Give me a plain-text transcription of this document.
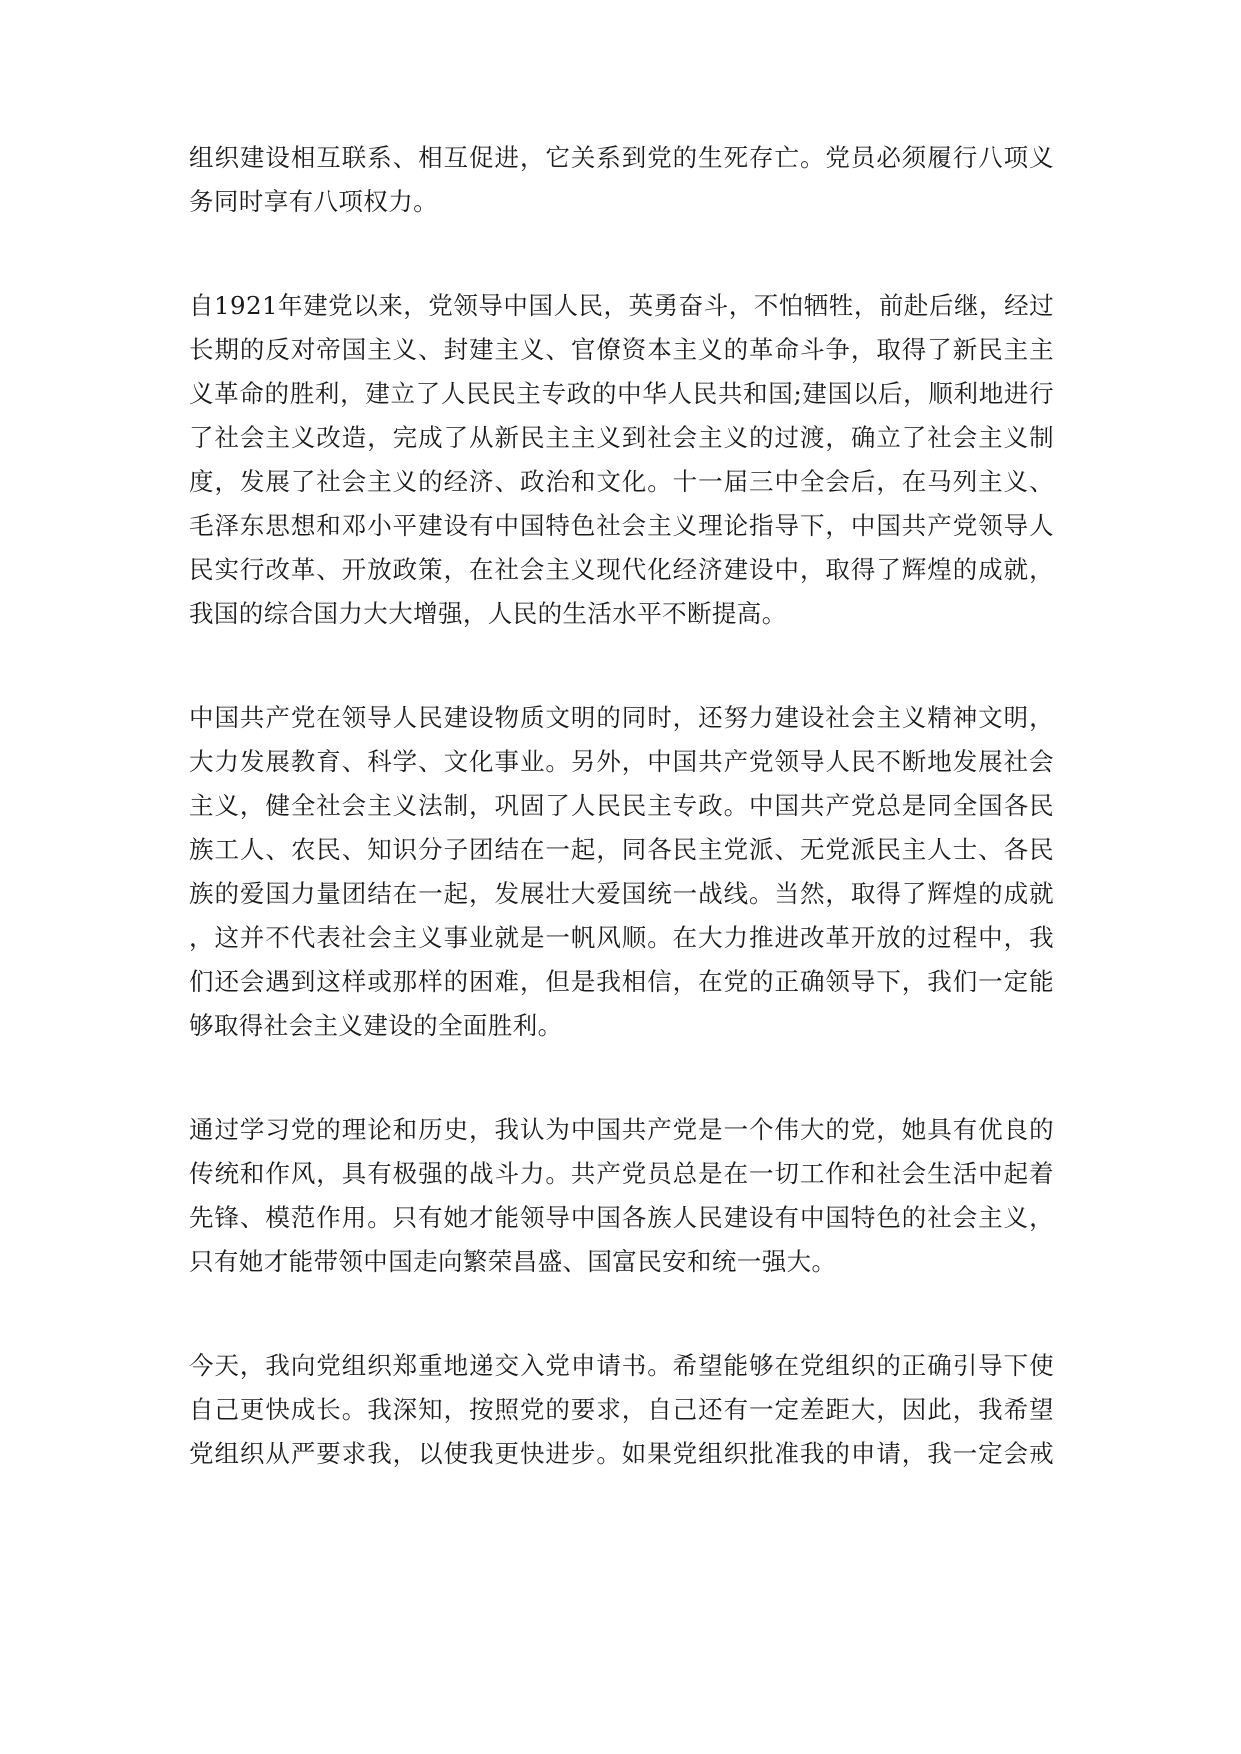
组织建设相互联系、相互促进，它关系到党的生死存亡。党员必须履行八项义
务同时享有八项权力。
自1921年建党以来，党领导中国人民，英勇奋斗，不怕牺牲，前赴后继，经过
长期的反对帝国主义、封建主义、官僚资本主义的革命斗争，取得了新民主主
义革命的胜利，建立了人民民主专政的中华人民共和国;建国以后，顺利地进行
了社会主义改造，完成了从新民主主义到社会主义的过渡，确立了社会主义制
度，发展了社会主义的经济、政治和文化。十一届三中全会后，在马列主义、
毛泽东思想和邓小平建设有中国特色社会主义理论指导下，中国共产党领导人
民实行改革、开放政策，在社会主义现代化经济建设中，取得了辉煌的成就，
我国的综合国力大大增强，人民的生活水平不断提高。
中国共产党在领导人民建设物质文明的同时，还努力建设社会主义精神文明，
大力发展教育、科学、文化事业。另外，中国共产党领导人民不断地发展社会
主义，健全社会主义法制，巩固了人民民主专政。中国共产党总是同全国各民
族工人、农民、知识分子团结在一起，同各民主党派、无党派民主人士、各民
族的爱国力量团结在一起，发展壮大爱国统一战线。当然，取得了辉煌的成就
，这并不代表社会主义事业就是一帆风顺。在大力推进改革开放的过程中，我
们还会遇到这样或那样的困难，但是我相信，在党的正确领导下，我们一定能
够取得社会主义建设的全面胜利。
通过学习党的理论和历史，我认为中国共产党是一个伟大的党，她具有优良的
传统和作风，具有极强的战斗力。共产党员总是在一切工作和社会生活中起着
先锋、模范作用。只有她才能领导中国各族人民建设有中国特色的社会主义，
只有她才能带领中国走向繁荣昌盛、国富民安和统一强大。
今天，我向党组织郑重地递交入党申请书。希望能够在党组织的正确引导下使
自己更快成长。我深知，按照党的要求，自己还有一定差距大，因此，我希望
党组织从严要求我，以使我更快进步。如果党组织批准我的申请，我一定会戒
